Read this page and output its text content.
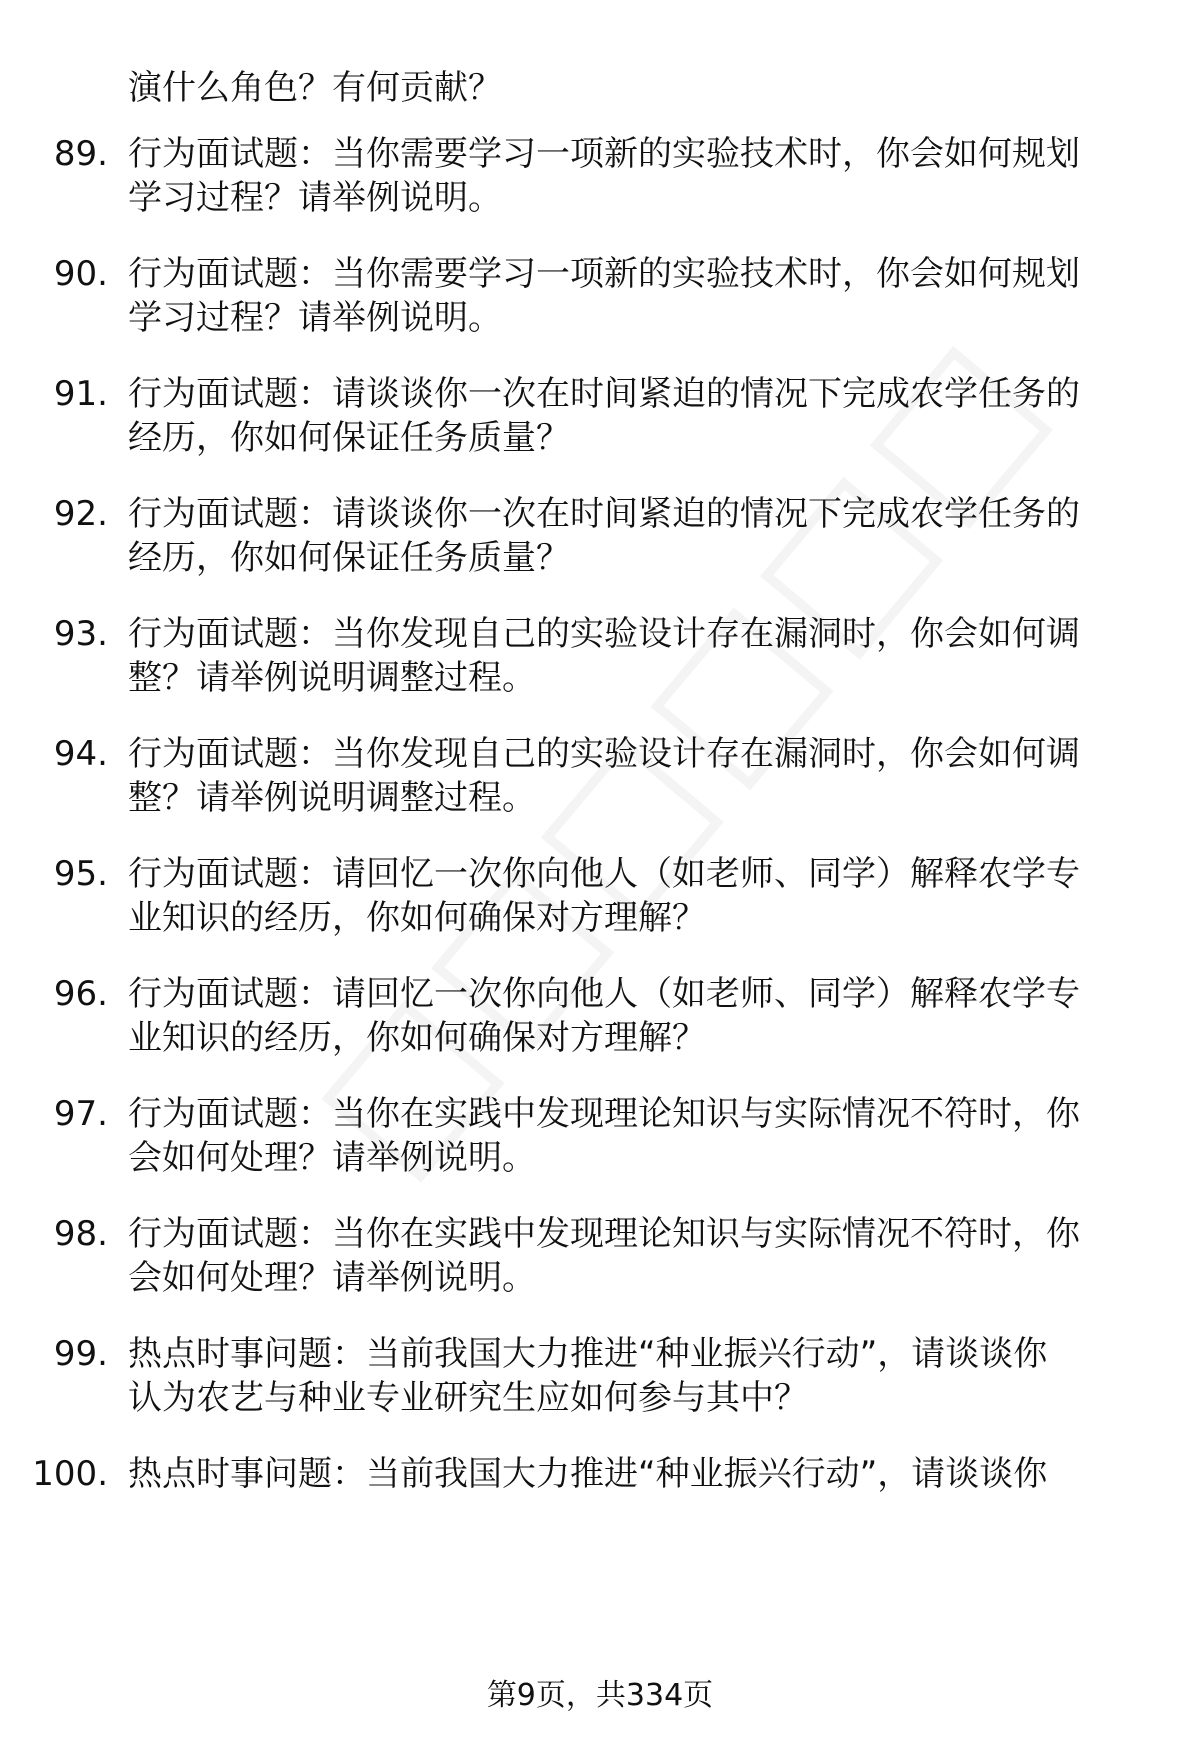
演什么角色？有何贡献？
89. 行为面试题：当你需要学习一项新的实验技术时，你会如何规划
学习过程？请举例说明。
90. 行为面试题：当你需要学习一项新的实验技术时，你会如何规划
学习过程？请举例说明。
91. 行为面试题：请谈谈你一次在时间紧迫的情况下完成农学任务的
经历，你如何保证任务质量？
92. 行为面试题：请谈谈你一次在时间紧迫的情况下完成农学任务的
经历，你如何保证任务质量？
93. 行为面试题：当你发现自己的实验设计存在漏洞时，你会如何调
整？请举例说明调整过程。
94. 行为面试题：当你发现自己的实验设计存在漏洞时，你会如何调
整？请举例说明调整过程。
95. 行为面试题：请回忆一次你向他人（如老师、同学）解释农学专
业知识的经历，你如何确保对方理解？
96. 行为面试题：请回忆一次你向他人（如老师、同学）解释农学专
业知识的经历，你如何确保对方理解？
97. 行为面试题：当你在实践中发现理论知识与实际情况不符时，你
会如何处理？请举例说明。
98. 行为面试题：当你在实践中发现理论知识与实际情况不符时，你
会如何处理？请举例说明。
99. 热点时事问题：当前我国大力推进“种业振兴行动”，请谈谈你
认为农艺与种业专业研究生应如何参与其中？
100. 热点时事问题：当前我国大力推进“种业振兴行动”，请谈谈你
第9页，共334页
